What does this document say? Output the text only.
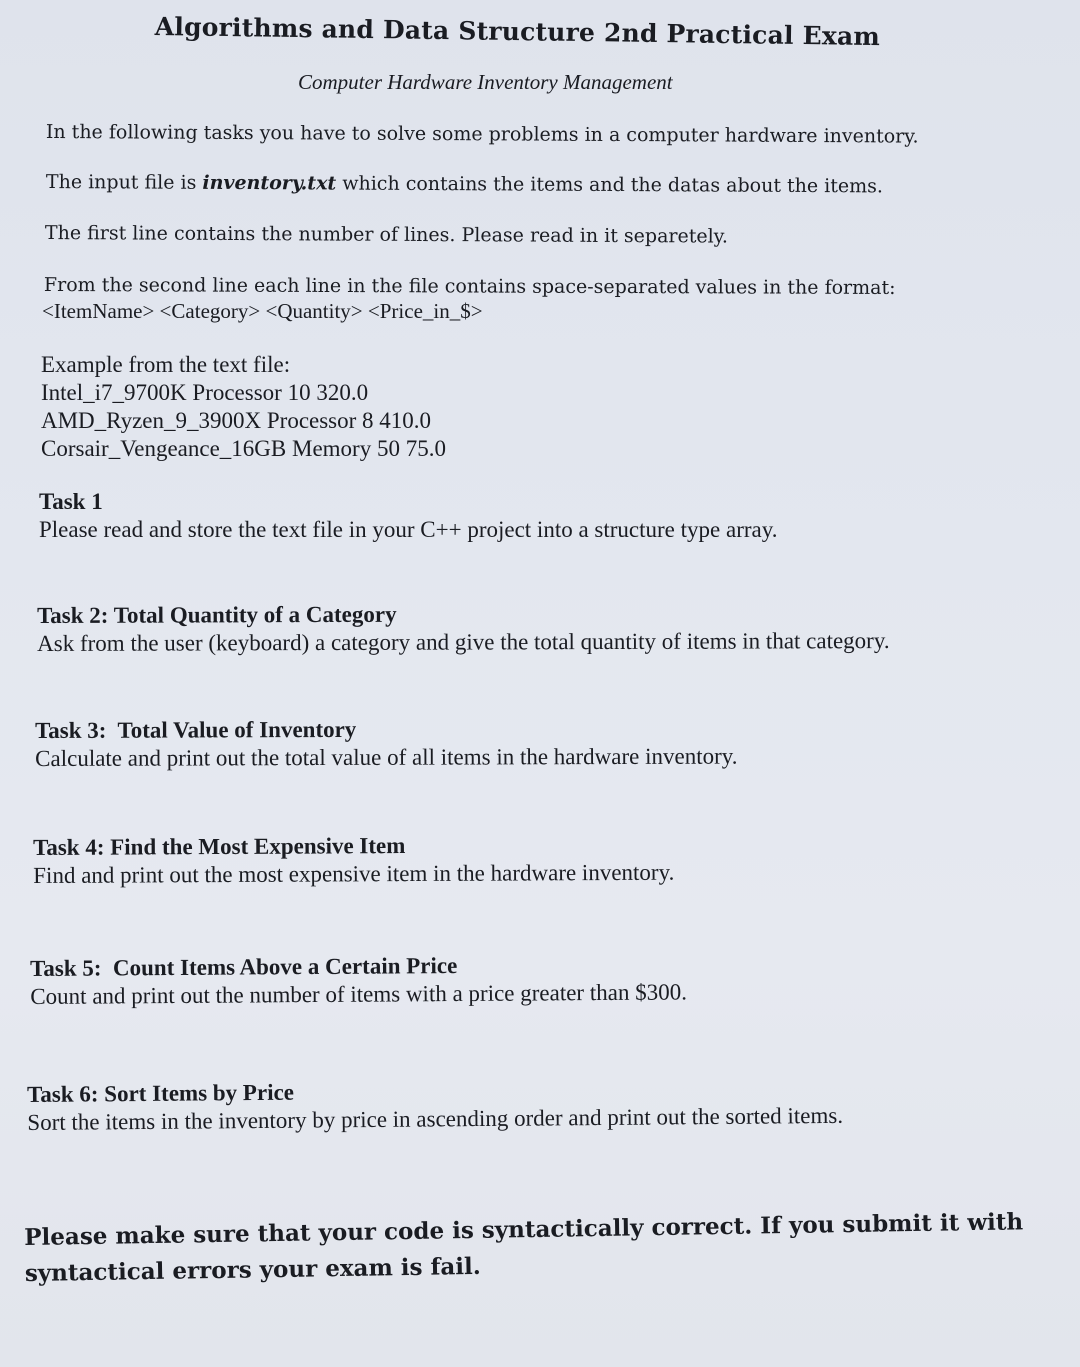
Algorithms and Data Structure 2nd Practical Exam
Computer Hardware Inventory Management
In the following tasks you have to solve some problems in a computer hardware inventory.
The input file is inventory.txt which contains the items and the datas about the items.
The first line contains the number of lines. Please read in it separetely.
From the second line each line in the file contains space-separated values in the format:
<ItemName> <Category> <Quantity> <Price_in_$>
Example from the text file:
Intel_i7_9700K Processor 10 320.0
AMD_Ryzen_9_3900X Processor 8 410.0
Corsair_Vengeance_16GB Memory 50 75.0
Task 1
Please read and store the text file in your C++ project into a structure type array.
Task 2: Total Quantity of a Category
Ask from the user (keyboard) a category and give the total quantity of items in that category.
Task 3:  Total Value of Inventory
Calculate and print out the total value of all items in the hardware inventory.
Task 4: Find the Most Expensive Item
Find and print out the most expensive item in the hardware inventory.
Task 5:  Count Items Above a Certain Price
Count and print out the number of items with a price greater than $300.
Task 6: Sort Items by Price
Sort the items in the inventory by price in ascending order and print out the sorted items.
Please make sure that your code is syntactically correct. If you submit it with syntactical errors your exam is fail.
